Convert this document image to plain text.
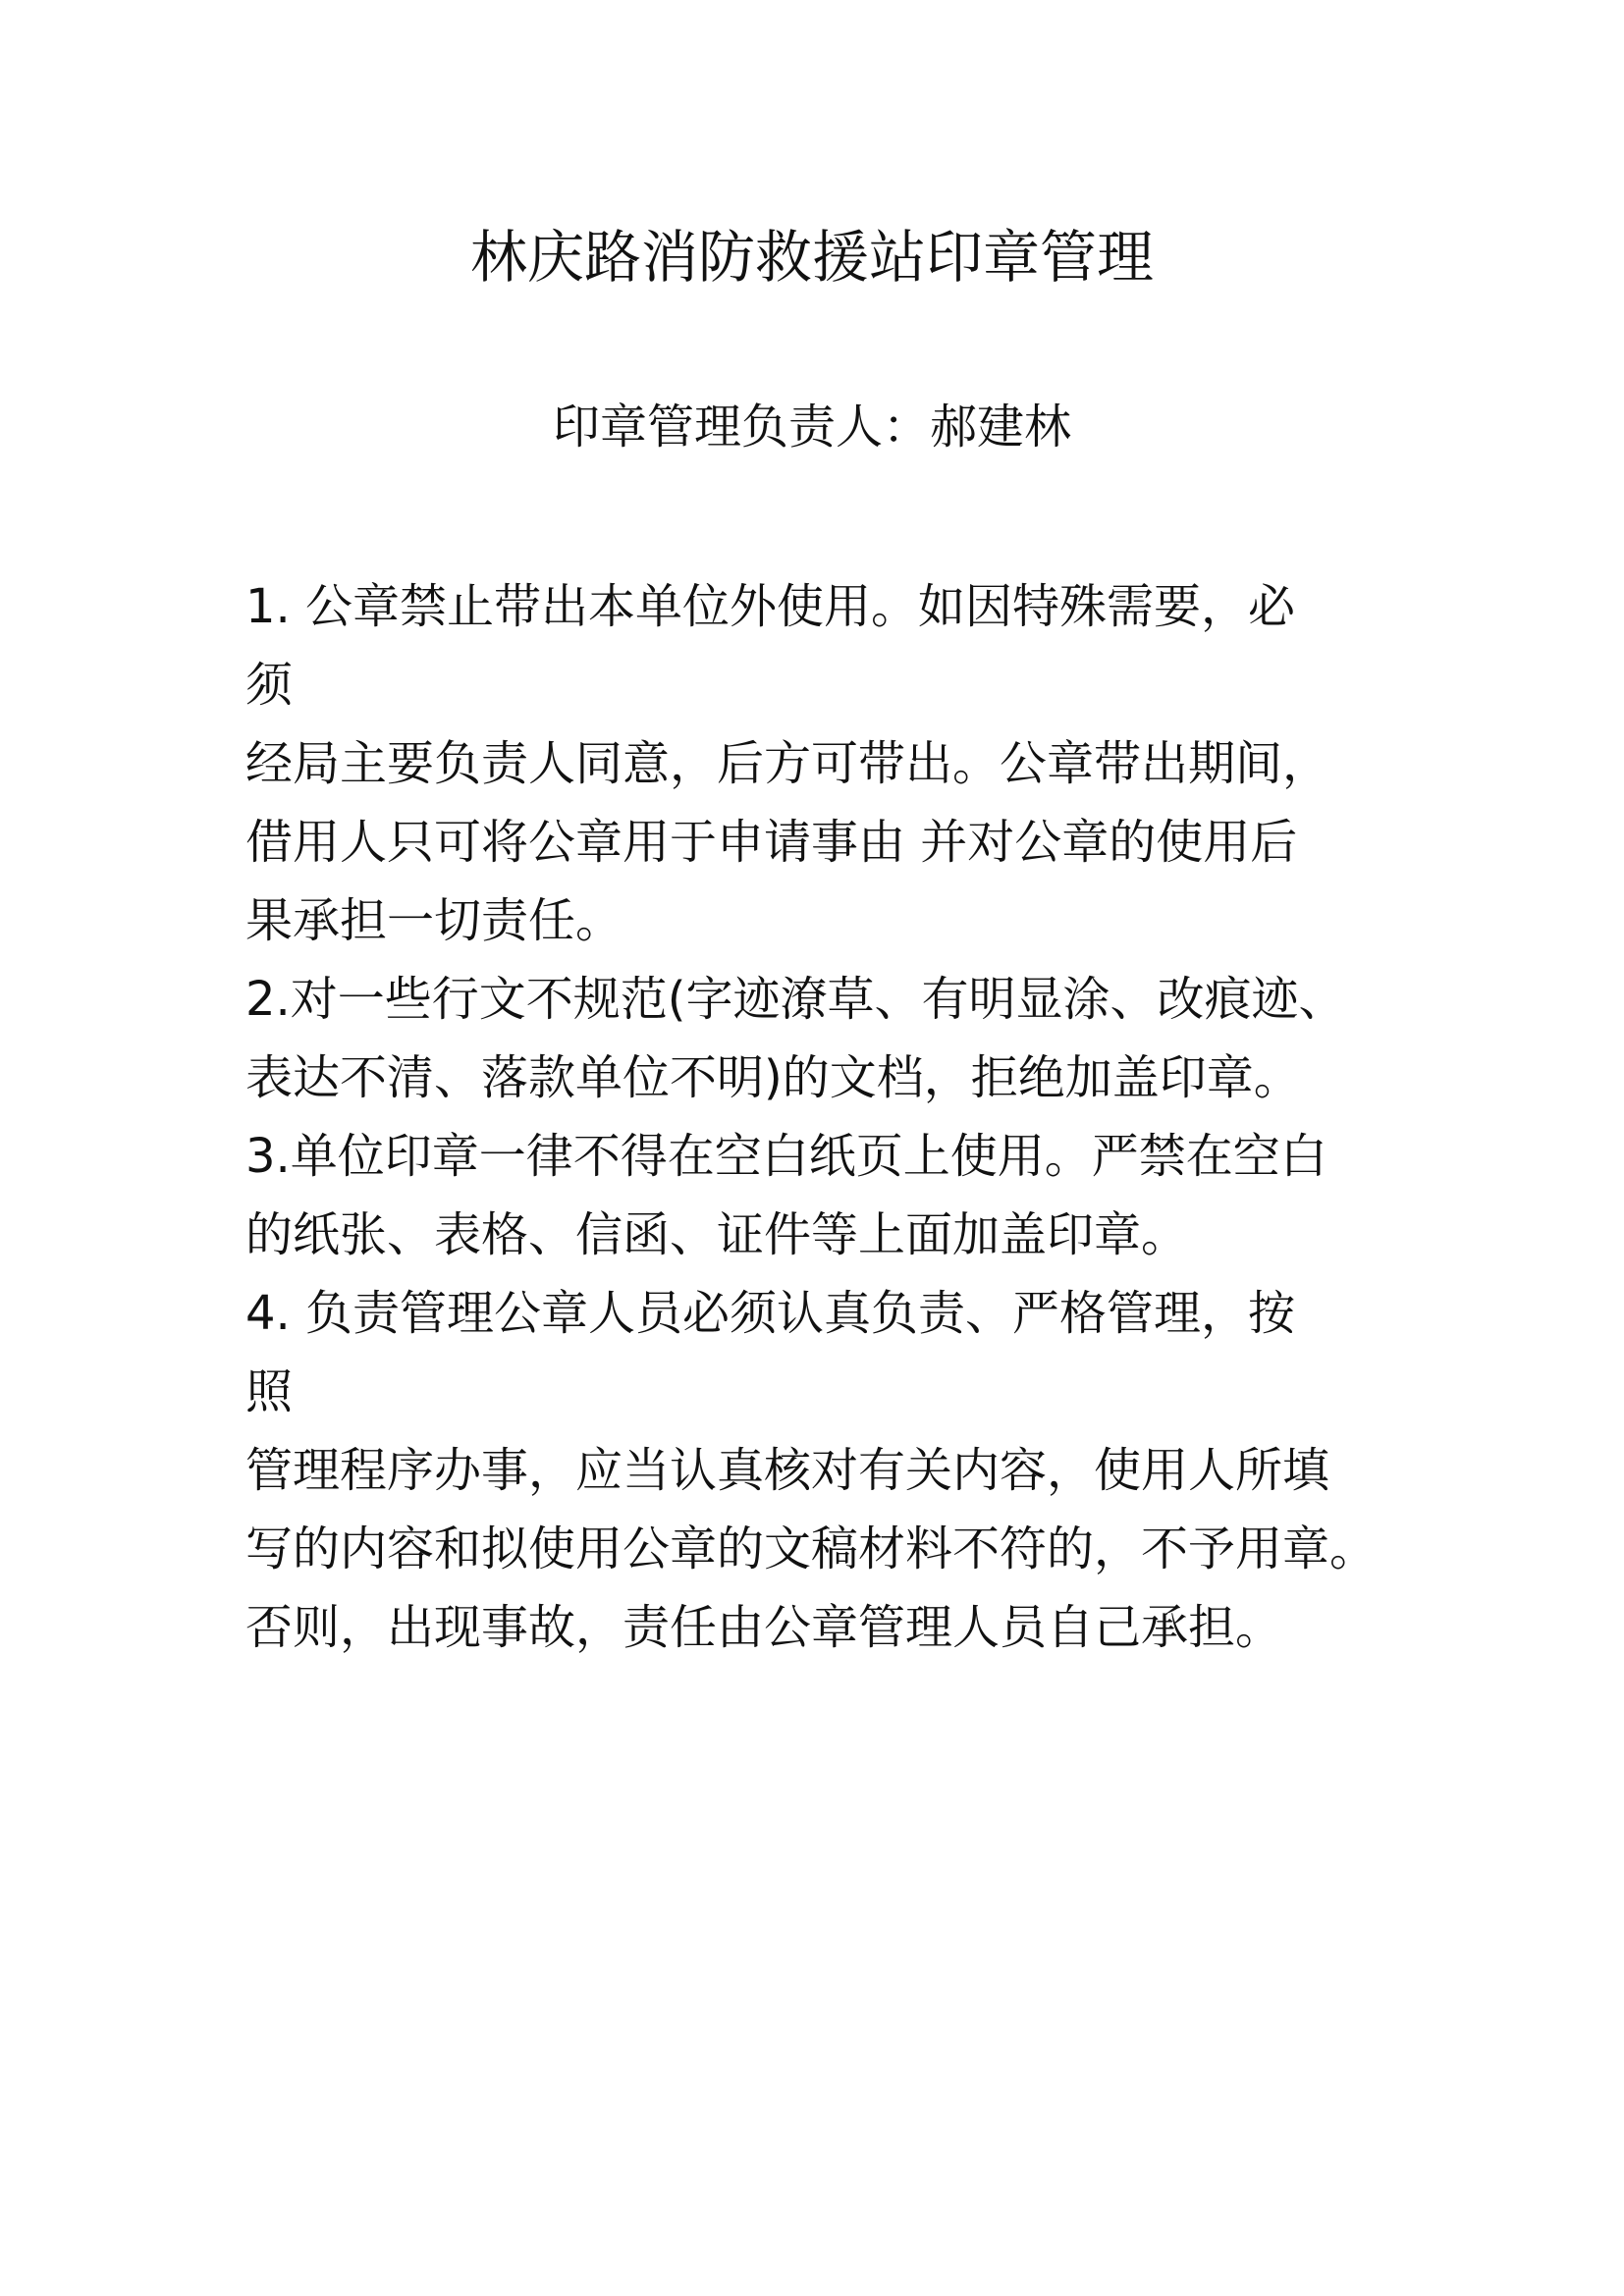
林庆路消防救援站印章管理
印章管理负责人：郝建林
1. 公章禁止带出本单位外使用。如因特殊需要，必
须
经局主要负责人同意，后方可带出。公章带出期间，
借用人只可将公章用于申请事由 并对公章的使用后
果承担一切责任。
2.对一些行文不规范(字迹潦草、有明显涂、改痕迹、
表达不清、落款单位不明)的文档，拒绝加盖印章。
3.单位印章一律不得在空白纸页上使用。严禁在空白
的纸张、表格、信函、证件等上面加盖印章。
4. 负责管理公章人员必须认真负责、严格管理，按
照
管理程序办事，应当认真核对有关内容，使用人所填
写的内容和拟使用公章的文稿材料不符的，不予用章。
否则，出现事故，责任由公章管理人员自己承担。
